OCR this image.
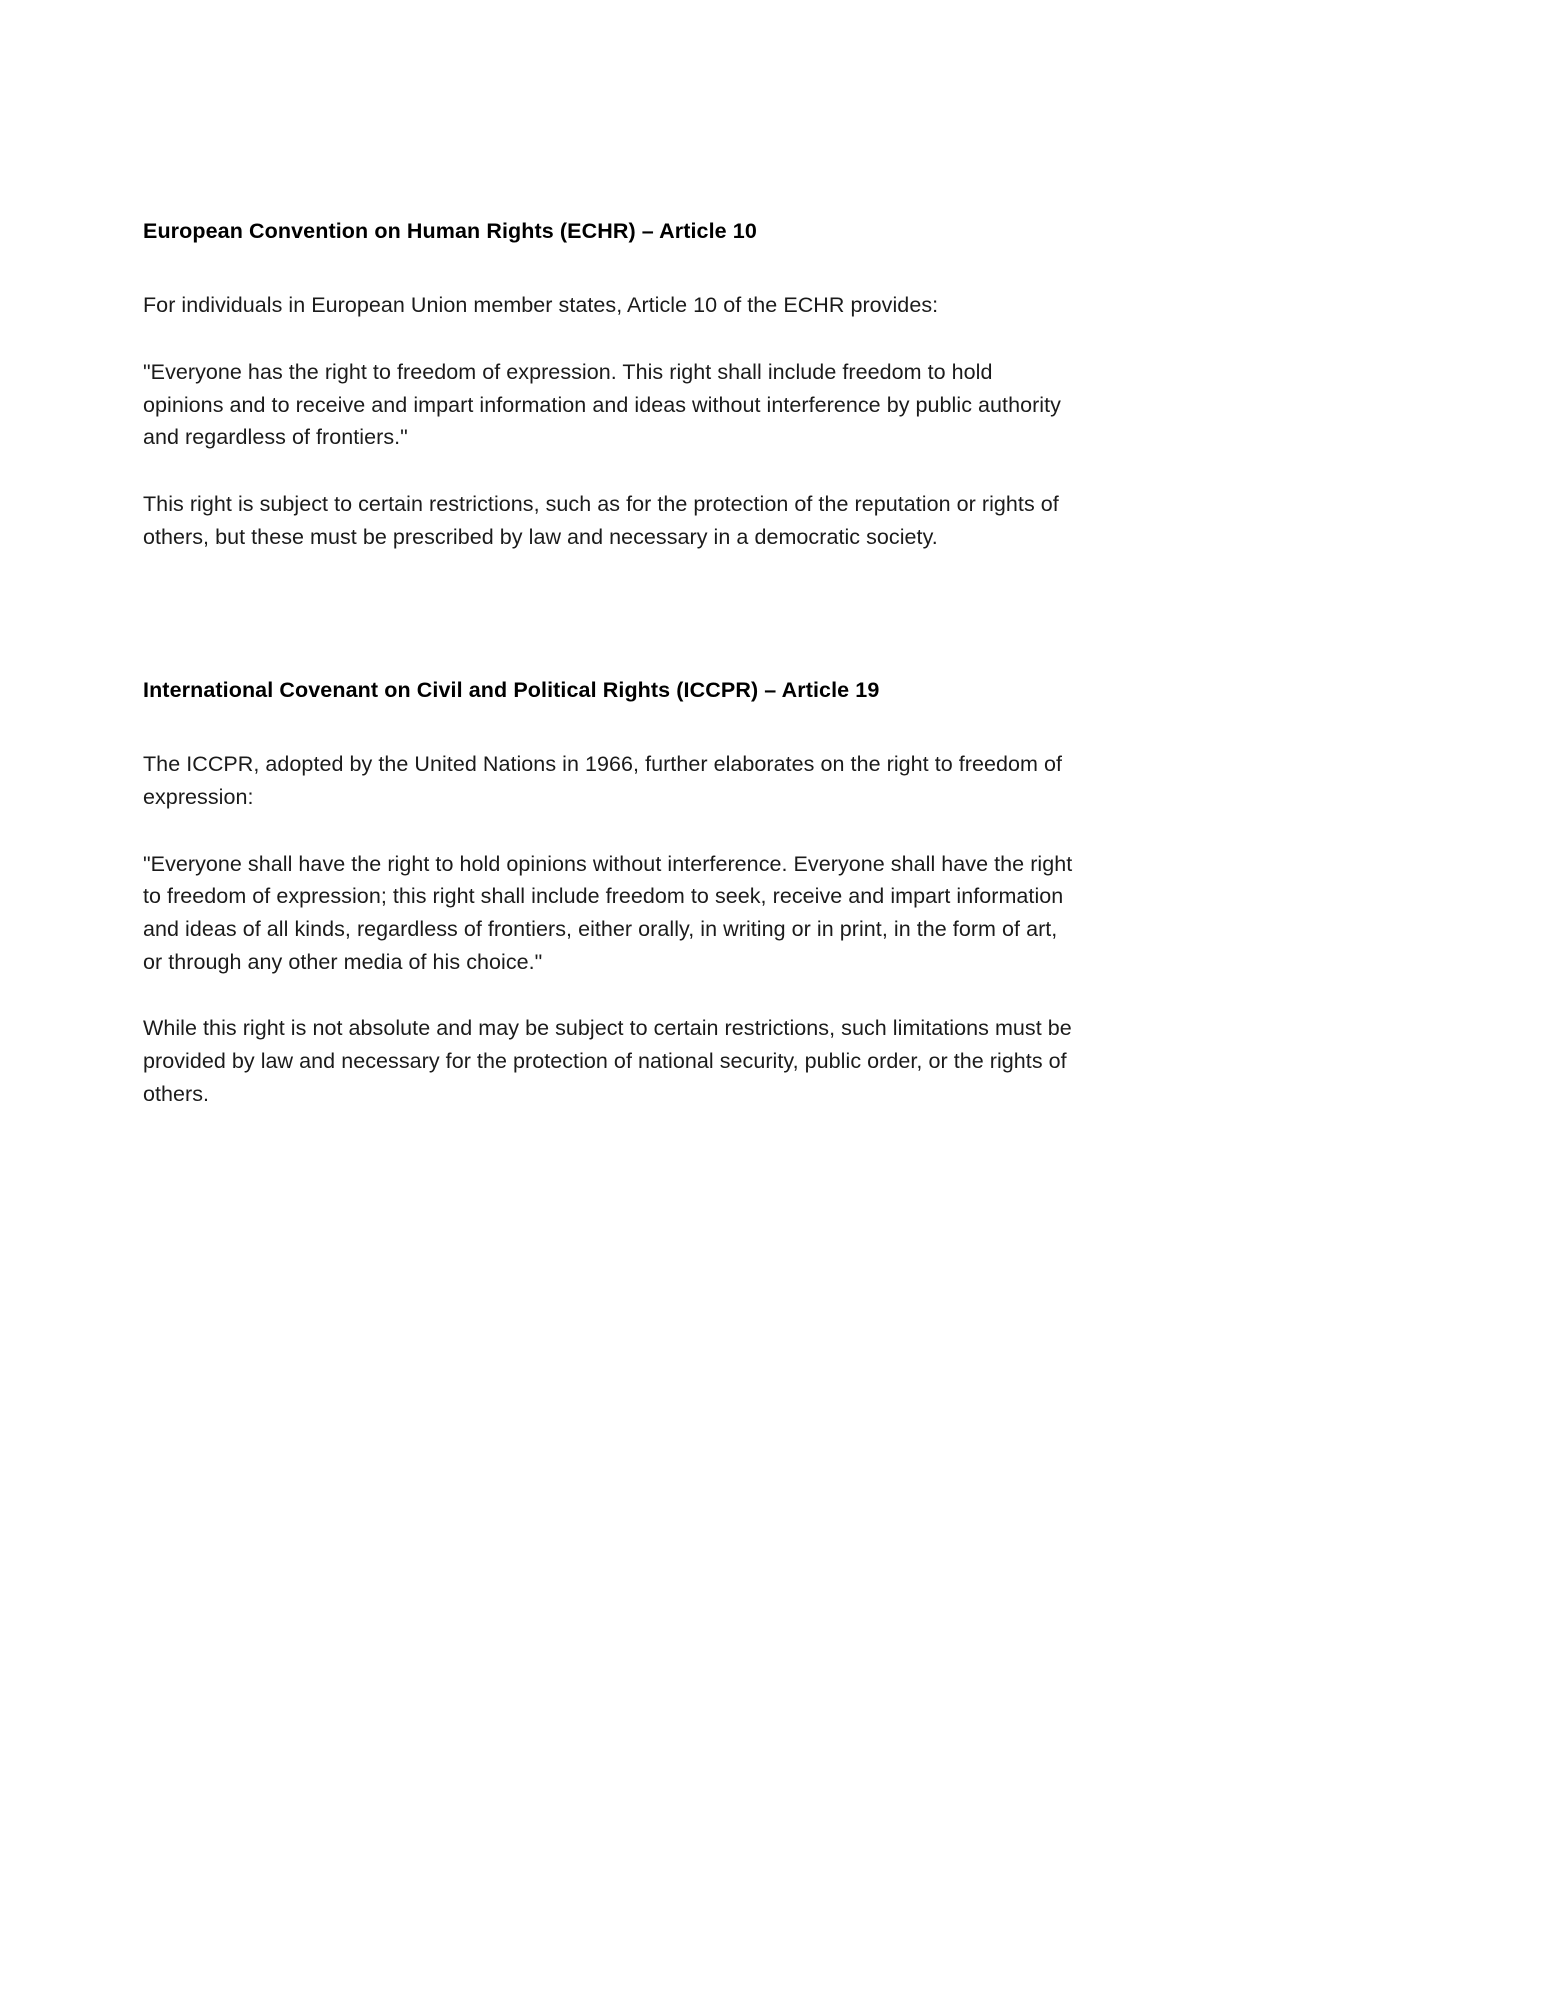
European Convention on Human Rights (ECHR) – Article 10

For individuals in European Union member states, Article 10 of the ECHR provides:

"Everyone has the right to freedom of expression. This right shall include freedom to hold opinions and to receive and impart information and ideas without interference by public authority and regardless of frontiers."

This right is subject to certain restrictions, such as for the protection of the reputation or rights of others, but these must be prescribed by law and necessary in a democratic society.

International Covenant on Civil and Political Rights (ICCPR) – Article 19

The ICCPR, adopted by the United Nations in 1966, further elaborates on the right to freedom of expression:

"Everyone shall have the right to hold opinions without interference. Everyone shall have the right to freedom of expression; this right shall include freedom to seek, receive and impart information and ideas of all kinds, regardless of frontiers, either orally, in writing or in print, in the form of art, or through any other media of his choice."

While this right is not absolute and may be subject to certain restrictions, such limitations must be provided by law and necessary for the protection of national security, public order, or the rights of others.
